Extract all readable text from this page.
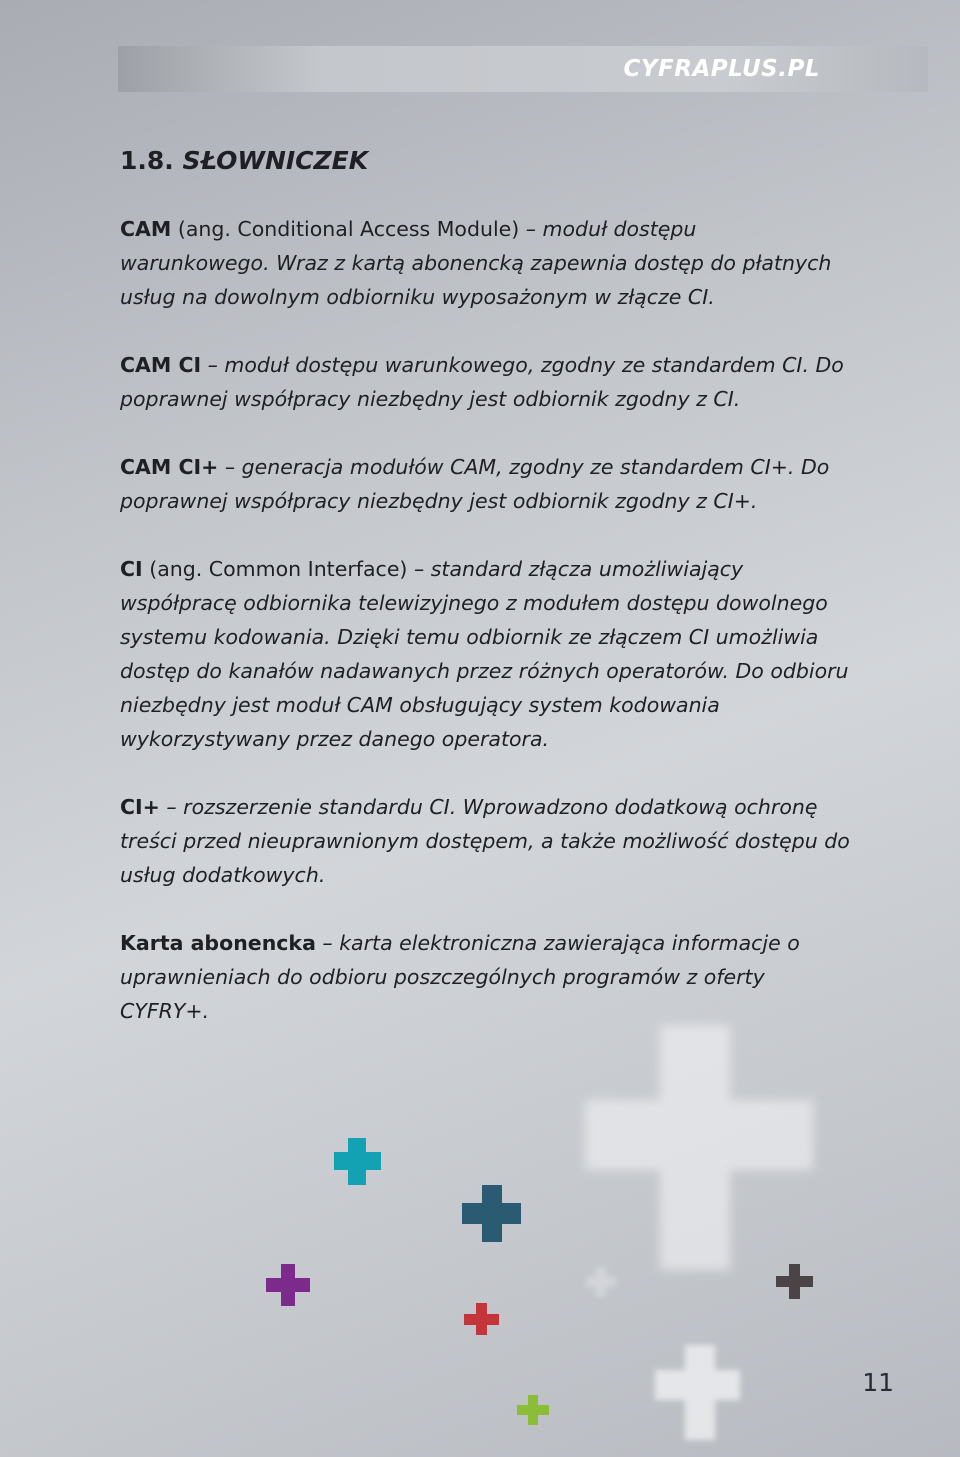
CYFRAPLUS.PL
1.8. SŁOWNICZEK

CAM (ang. Conditional Access Module) – moduł dostępu warunkowego. Wraz z kartą abonencką zapewnia dostęp do płatnych usług na dowolnym odbiorniku wyposażonym w złącze CI.

CAM CI – moduł dostępu warunkowego, zgodny ze standardem CI. Do poprawnej współpracy niezbędny jest odbiornik zgodny z CI.

CAM CI+ – generacja modułów CAM, zgodny ze standardem CI+. Do poprawnej współpracy niezbędny jest odbiornik zgodny z CI+.

CI (ang. Common Interface) – standard złącza umożliwiający współpracę odbiornika telewizyjnego z modułem dostępu dowolnego systemu kodowania. Dzięki temu odbiornik ze złączem CI umożliwia dostęp do kanałów nadawanych przez różnych operatorów. Do odbioru niezbędny jest moduł CAM obsługujący system kodowania wykorzystywany przez danego operatora.

CI+ – rozszerzenie standardu CI. Wprowadzono dodatkową ochronę treści przed nieuprawnionym dostępem, a także możliwość dostępu do usług dodatkowych.

Karta abonencka – karta elektroniczna zawierająca informacje o uprawnieniach do odbioru poszczególnych programów z oferty CYFRY+.

11
